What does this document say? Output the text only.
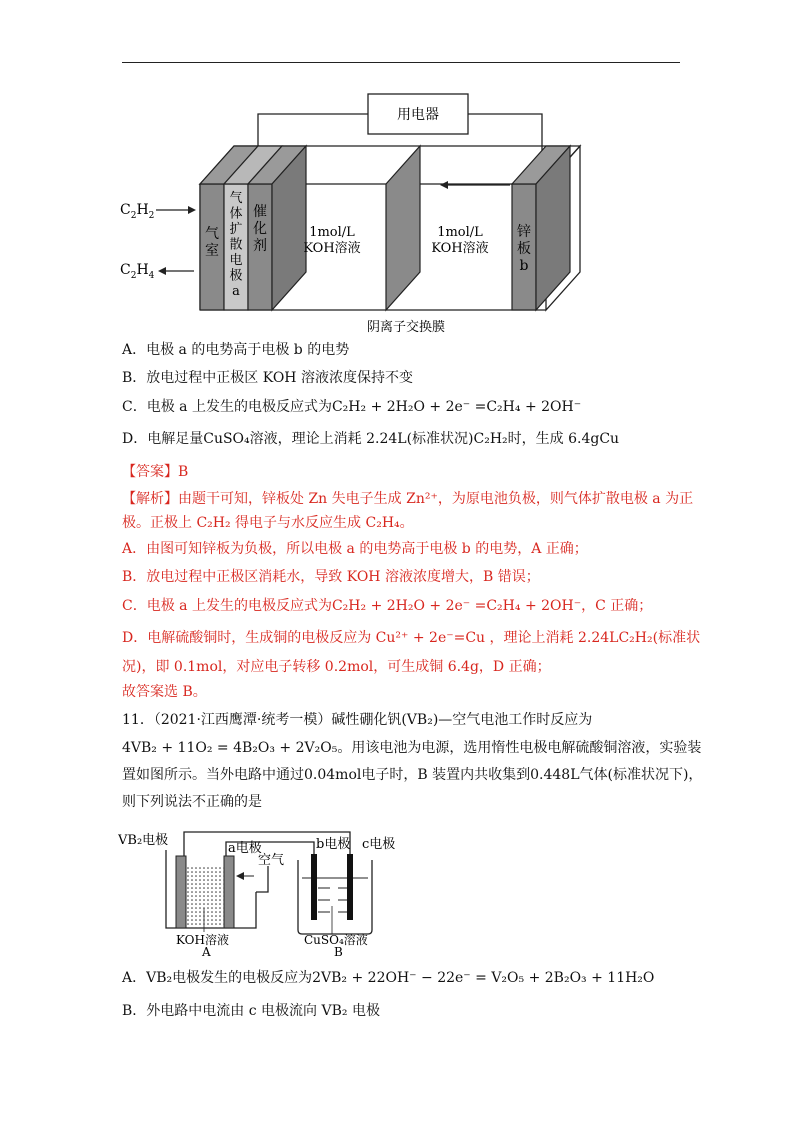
用电器
$C_2H_2$
$C_2H_4$
气室
气体扩散电极 a
催化剂
锌板 b
1mol/L
KOH溶液
1mol/L
KOH溶液
阴离子交换膜
A．电极 a 的电势高于电极 b 的电势
B．放电过程中正极区 KOH 溶液浓度保持不变
C．电极 a 上发生的电极反应式为C₂H₂ + 2H₂O + 2e⁻ =C₂H₄ + 2OH⁻
D．电解足量CuSO₄溶液，理论上消耗 2.24L(标准状况)C₂H₂时，生成 6.4gCu
【答案】B
【解析】由题干可知，锌板处 Zn 失电子生成 Zn²⁺，为原电池负极，则气体扩散电极 a 为正
极。正极上 C₂H₂ 得电子与水反应生成 C₂H₄。
A．由图可知锌板为负极，所以电极 a 的电势高于电极 b 的电势，A 正确；
B．放电过程中正极区消耗水，导致 KOH 溶液浓度增大，B 错误；
C．电极 a 上发生的电极反应式为C₂H₂ + 2H₂O + 2e⁻ =C₂H₄ + 2OH⁻，C 正确；
D．电解硫酸铜时，生成铜的电极反应为 Cu²⁺ + 2e⁻=Cu ，理论上消耗 2.24LC₂H₂(标准状
况)，即 0.1mol，对应电子转移 0.2mol，可生成铜 6.4g，D 正确；
故答案选 B。
11．（2021·江西鹰潭·统考一模）碱性硼化钒(VB₂)—空气电池工作时反应为
4VB₂ + 11O₂ = 4B₂O₃ + 2V₂O₅。用该电池为电源，选用惰性电极电解硫酸铜溶液，实验装
置如图所示。当外电路中通过0.04mol电子时，B 装置内共收集到0.448L气体(标准状况下)，
则下列说法不正确的是
VB₂电极
a电极
空气
b电极 c电极
KOH溶液
A
CuSO₄溶液
B
A．VB₂电极发生的电极反应为2VB₂ + 22OH⁻ − 22e⁻ = V₂O₅ + 2B₂O₃ + 11H₂O
B．外电路中电流由 c 电极流向 VB₂ 电极
